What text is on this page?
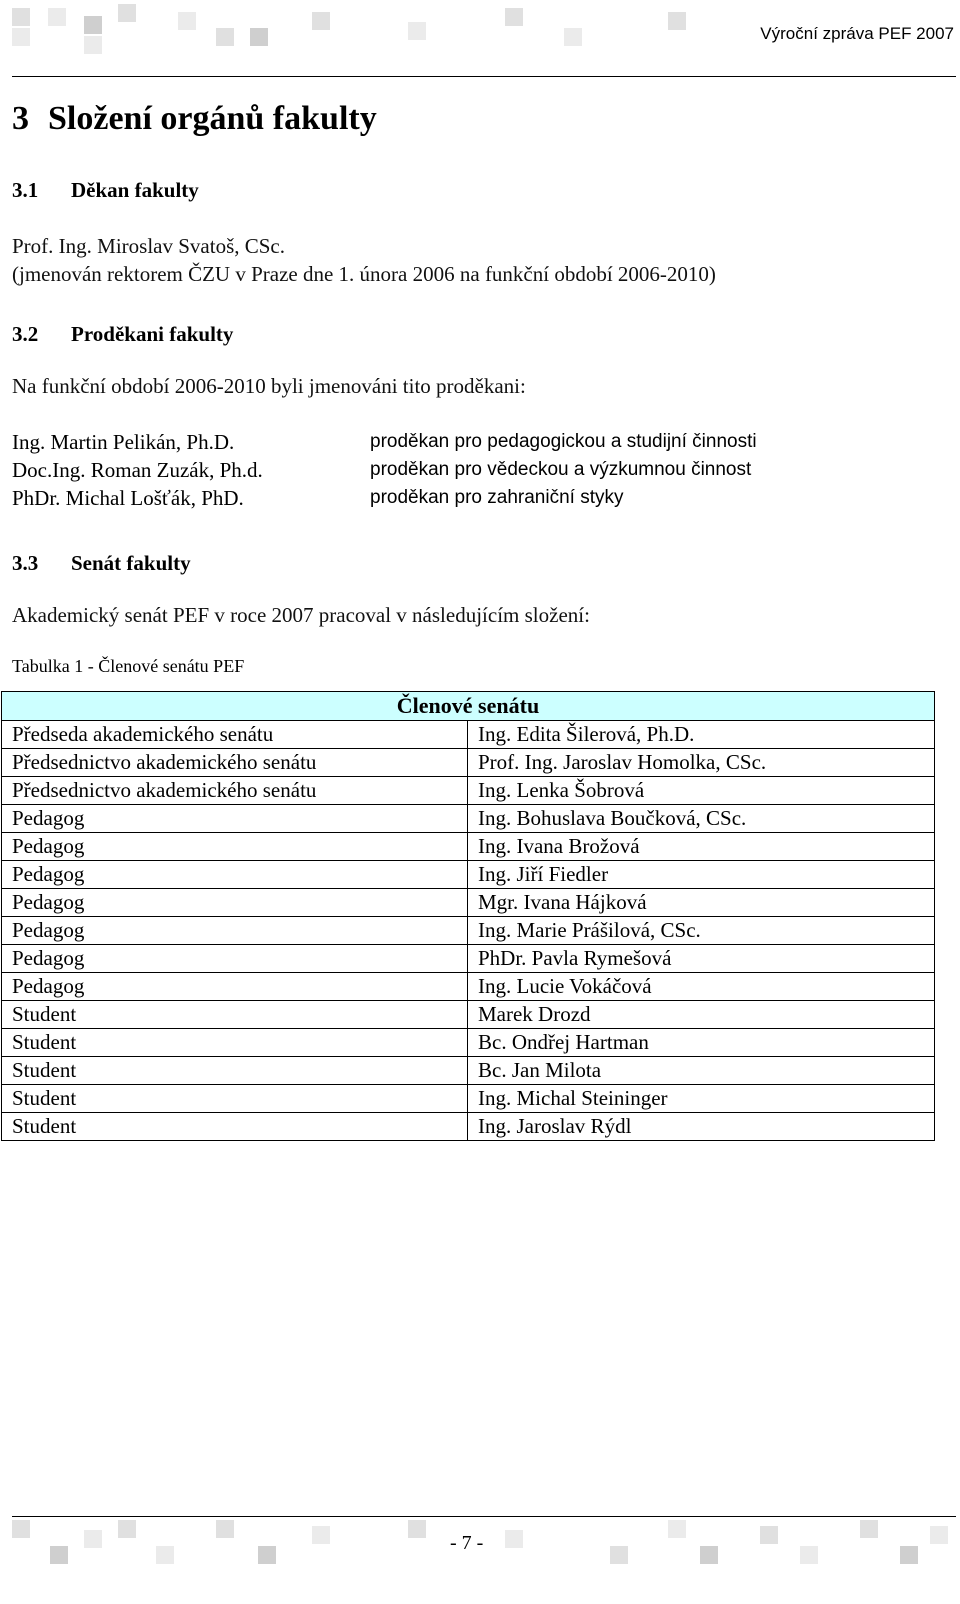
Výroční zpráva PEF 2007
3 Složení orgánů fakulty
3.1 Děkan fakulty
Prof. Ing. Miroslav Svatoš, CSc.
(jmenován rektorem ČZU v Praze dne 1. února 2006 na funkční období 2006-2010)
3.2 Proděkani fakulty

Na funkční období 2006-2010 byli jmenováni tito proděkani:

Ing. Martin Pelikán, Ph.D.	proděkan pro pedagogickou a studijní činnosti
Doc.Ing. Roman Zuzák, Ph.d.	proděkan pro vědeckou a výzkumnou činnost
PhDr. Michal Lošťák, PhD.	proděkan pro zahraniční styky
3.3 Senát fakulty

Akademický senát PEF v roce 2007 pracoval v následujícím složení:

Tabulka 1 - Členové senátu PEF

Členové senátu	
Předseda akademického senátu	Ing. Edita Šilerová, Ph.D.
Předsednictvo akademického senátu	Prof. Ing. Jaroslav Homolka, CSc.
Předsednictvo akademického senátu	Ing. Lenka Šobrová
Pedagog	Ing. Bohuslava Boučková, CSc.
Pedagog	Ing. Ivana Brožová
Pedagog	Ing. Jiří Fiedler
Pedagog	Mgr. Ivana Hájková
Pedagog	Ing. Marie Prášilová, CSc.
Pedagog	PhDr. Pavla Rymešová
Pedagog	Ing. Lucie Vokáčová
Student	Marek Drozd
Student	Bc. Ondřej Hartman
Student	Bc. Jan Milota
Student	Ing. Michal Steininger
Student	Ing. Jaroslav Rýdl
- 7 -
